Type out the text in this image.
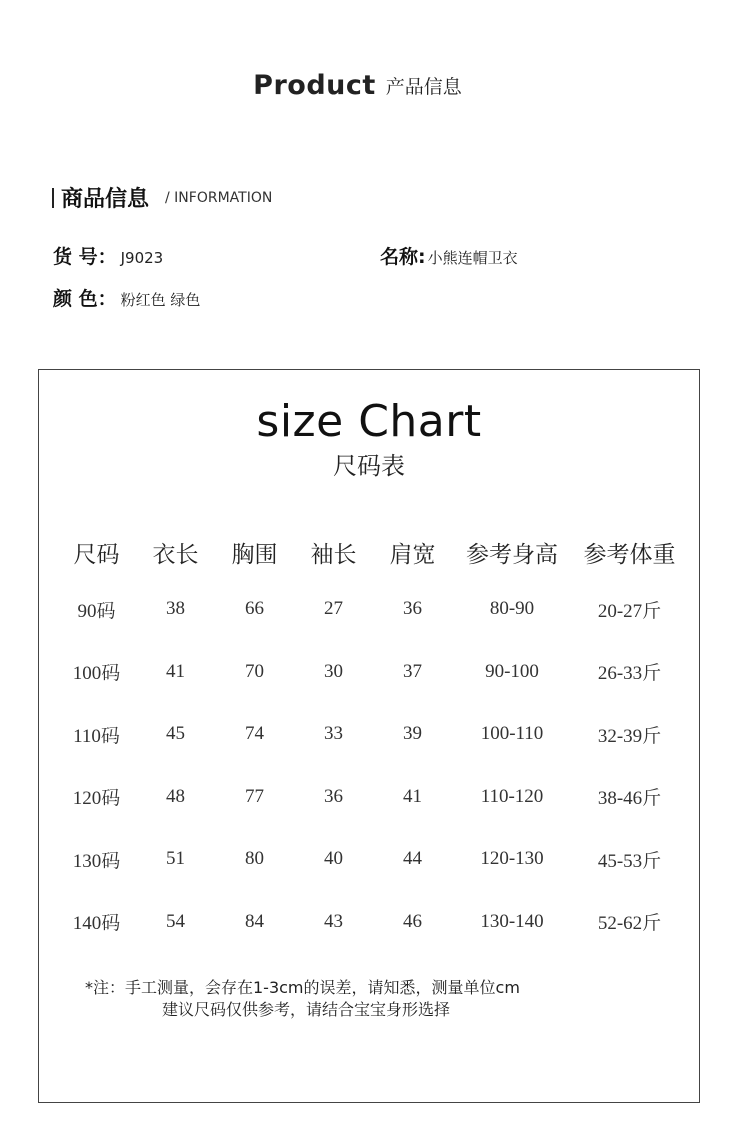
Product 产品信息
商品信息 / INFORMATION
货 号： J9023	名称: 小熊连帽卫衣
颜 色： 粉红色 绿色
size Chart
尺码表
尺码	衣长	胸围	袖长	肩宽	参考身高	参考体重
90码	38	66	27	36	80-90	20-27斤
100码	41	70	30	37	90-100	26-33斤
110码	45	74	33	39	100-110	32-39斤
120码	48	77	36	41	110-120	38-46斤
130码	51	80	40	44	120-130	45-53斤
140码	54	84	43	46	130-140	52-62斤
*注：手工测量，会存在1-3cm的误差，请知悉，测量单位cm
建议尺码仅供参考，请结合宝宝身形选择
